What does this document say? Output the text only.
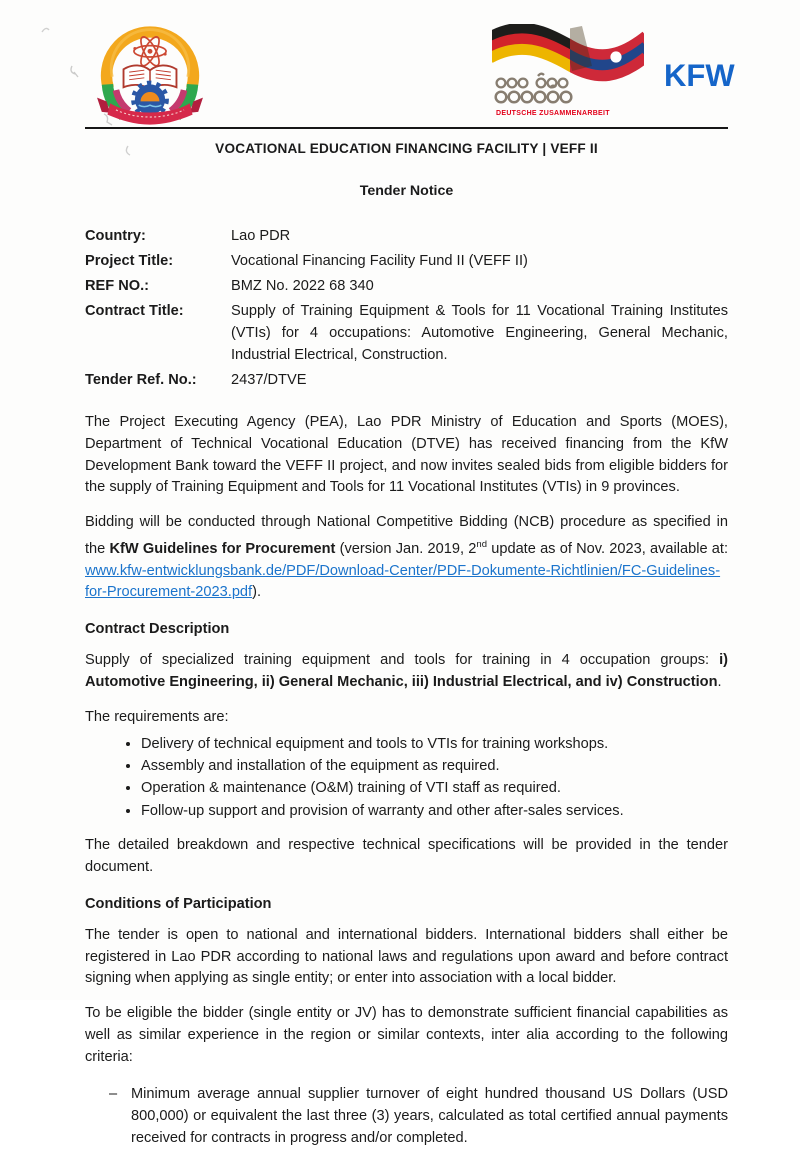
DEUTSCHE ZUSAMMENARBEIT
KFW
VOCATIONAL EDUCATION FINANCING FACILITY | VEFF II
Tender Notice
Country:	Lao PDR
Project Title:	Vocational Financing Facility Fund II (VEFF II)
REF NO.:	BMZ No. 2022 68 340
Contract Title:	Supply of Training Equipment & Tools for 11 Vocational Training Institutes (VTIs) for 4 occupations: Automotive Engineering, General Mechanic, Industrial Electrical, Construction.
Tender Ref. No.:	2437/DTVE

The Project Executing Agency (PEA), Lao PDR Ministry of Education and Sports (MOES), Department of Technical Vocational Education (DTVE) has received financing from the KfW Development Bank toward the VEFF II project, and now invites sealed bids from eligible bidders for the supply of Training Equipment and Tools for 11 Vocational Institutes (VTIs) in 9 provinces.

Bidding will be conducted through National Competitive Bidding (NCB) procedure as specified in the KfW Guidelines for Procurement (version Jan. 2019, 2nd update as of Nov. 2023, available at: www.kfw-entwicklungsbank.de/PDF/Download-Center/PDF-Dokumente-Richtlinien/FC-Guidelines-for-Procurement-2023.pdf).

Contract Description

Supply of specialized training equipment and tools for training in 4 occupation groups: i) Automotive Engineering, ii) General Mechanic, iii) Industrial Electrical, and iv) Construction.

The requirements are:

• Delivery of technical equipment and tools to VTIs for training workshops.
• Assembly and installation of the equipment as required.
• Operation & maintenance (O&M) training of VTI staff as required.
• Follow-up support and provision of warranty and other after-sales services.

The detailed breakdown and respective technical specifications will be provided in the tender document.

Conditions of Participation

The tender is open to national and international bidders. International bidders shall either be registered in Lao PDR according to national laws and regulations upon award and before contract signing when applying as single entity; or enter into association with a local bidder.

To be eligible the bidder (single entity or JV) has to demonstrate sufficient financial capabilities as well as similar experience in the region or similar contexts, inter alia according to the following criteria:

– Minimum average annual supplier turnover of eight hundred thousand US Dollars (USD 800,000) or equivalent the last three (3) years, calculated as total certified annual payments received for contracts in progress and/or completed.
